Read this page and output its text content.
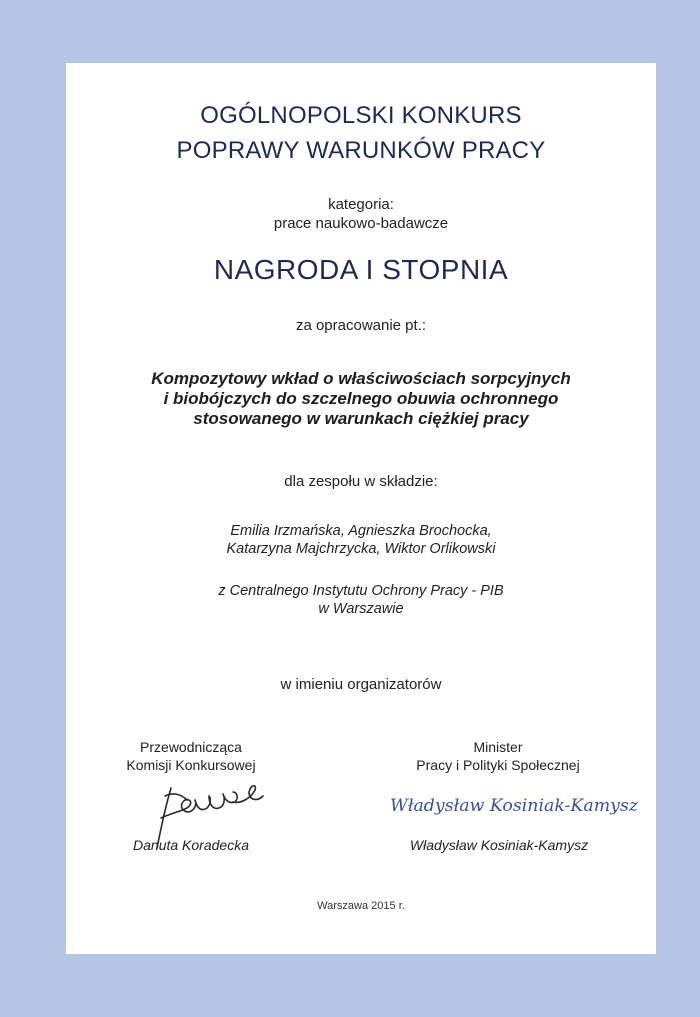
OGÓLNOPOLSKI KONKURS

POPRAWY WARUNKÓW PRACY

kategoria:

prace naukowo-badawcze

NAGRODA I STOPNIA

za opracowanie pt.:

Kompozytowy wkład o właściwościach sorpcyjnych

i biobójczych do szczelnego obuwia ochronnego

stosowanego w warunkach ciężkiej pracy

dla zespołu w składzie:

Emilia Irzmańska, Agnieszka Brochocka,

Katarzyna Majchrzycka, Wiktor Orlikowski

z Centralnego Instytutu Ochrony Pracy - PIB

w Warszawie

w imieniu organizatorów

Przewodnicząca
Komisji Konkursowej
Danuta Koradecka
Minister
Pracy i Polityki Społecznej
Władysław Kosiniak-Kamysz
Władysław Kosiniak-Kamysz

Warszawa 2015 r.
